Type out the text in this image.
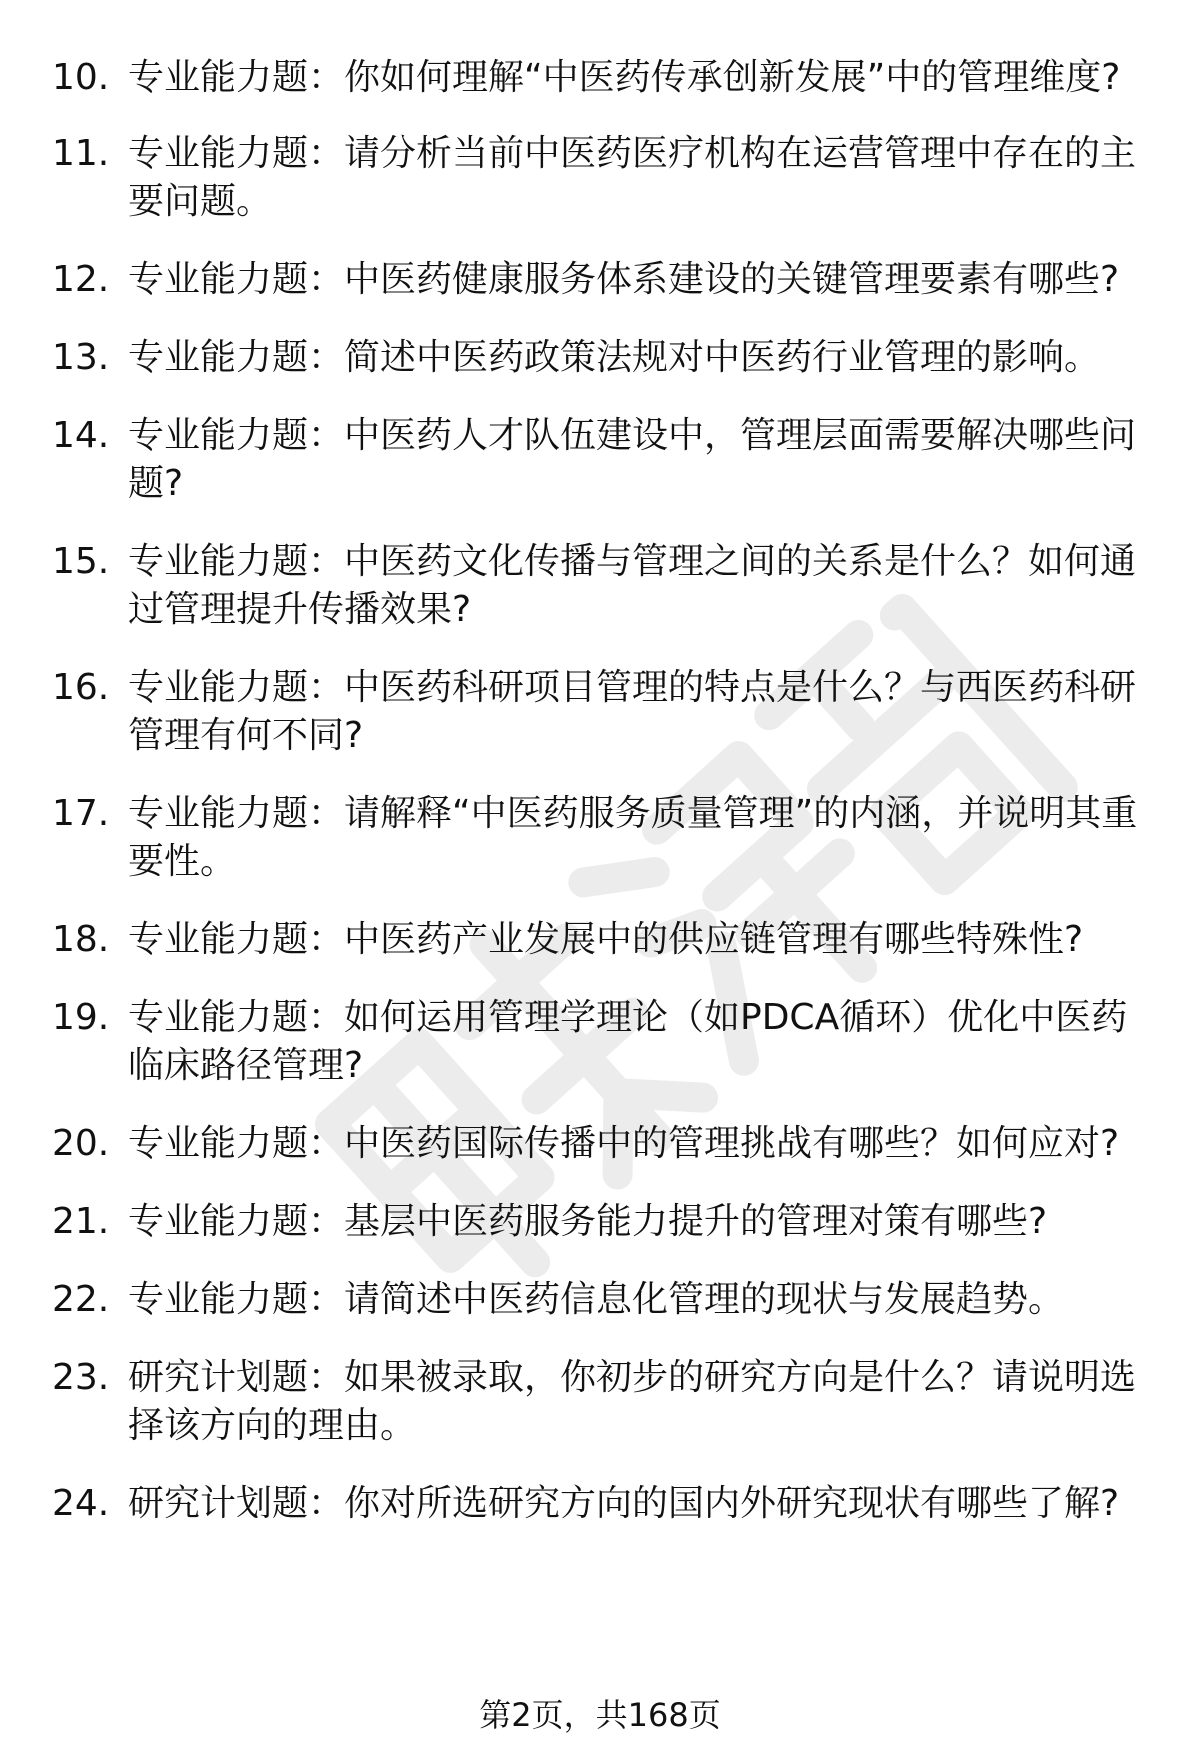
10. 专业能力题：你如何理解“中医药传承创新发展”中的管理维度?
11. 专业能力题：请分析当前中医药医疗机构在运营管理中存在的主要问题。
12. 专业能力题：中医药健康服务体系建设的关键管理要素有哪些?
13. 专业能力题：简述中医药政策法规对中医药行业管理的影响。
14. 专业能力题：中医药人才队伍建设中，管理层面需要解决哪些问题?
15. 专业能力题：中医药文化传播与管理之间的关系是什么？如何通过管理提升传播效果?
16. 专业能力题：中医药科研项目管理的特点是什么？与西医药科研管理有何不同?
17. 专业能力题：请解释“中医药服务质量管理”的内涵，并说明其重要性。
18. 专业能力题：中医药产业发展中的供应链管理有哪些特殊性?
19. 专业能力题：如何运用管理学理论（如PDCA循环）优化中医药临床路径管理?
20. 专业能力题：中医药国际传播中的管理挑战有哪些？如何应对?
21. 专业能力题：基层中医药服务能力提升的管理对策有哪些?
22. 专业能力题：请简述中医药信息化管理的现状与发展趋势。
23. 研究计划题：如果被录取，你初步的研究方向是什么？请说明选择该方向的理由。
24. 研究计划题：你对所选研究方向的国内外研究现状有哪些了解?
第2页，共168页
